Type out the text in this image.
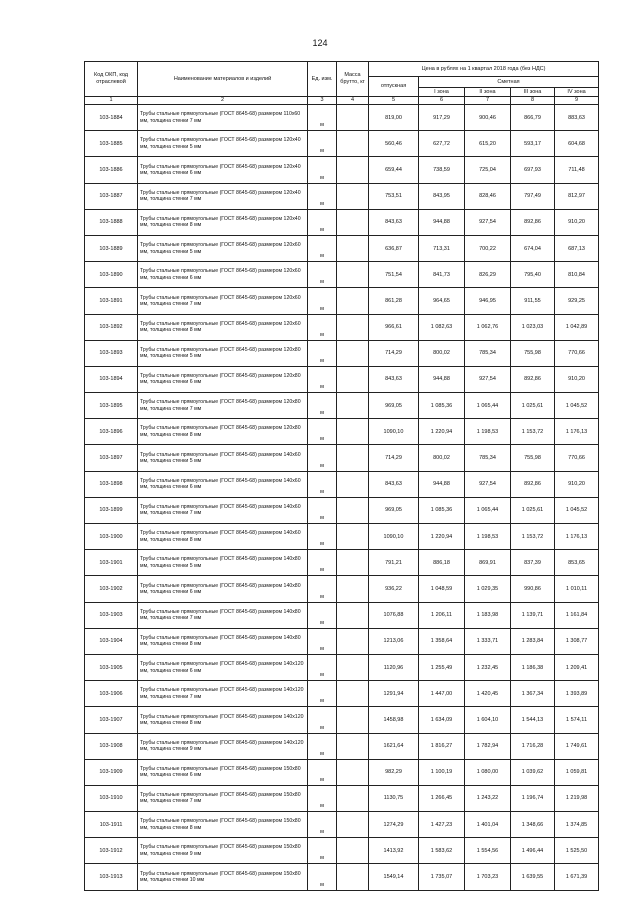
124
Код ОКП, код отраслевой	Наименование материалов и изделий	Ед. изм.	Масса брутто, кг	Цена в рублях на 1 квартал 2018 года (без НДС)				
				отпускная	Сметная			
					I зона	II зона	III зона	IV зона
1	2	3	4	5	6	7	8	9
103-1884	Трубы стальные прямоугольные (ГОСТ 8645-68) размером 110x60 мм, толщина стенки 7 мм	м		819,00	917,29	900,46	866,79	883,63
103-1885	Трубы стальные прямоугольные (ГОСТ 8645-68) размером 120x40 мм, толщина стенки 5 мм	м		560,46	627,72	615,20	593,17	604,68
103-1886	Трубы стальные прямоугольные (ГОСТ 8645-68) размером 120x40 мм, толщина стенки 6 мм	м		659,44	738,59	725,04	697,93	711,48
103-1887	Трубы стальные прямоугольные (ГОСТ 8645-68) размером 120x40 мм, толщина стенки 7 мм	м		753,51	843,95	828,46	797,49	812,97
103-1888	Трубы стальные прямоугольные (ГОСТ 8645-68) размером 120x40 мм, толщина стенки 8 мм	м		843,63	944,88	927,54	892,86	910,20
103-1889	Трубы стальные прямоугольные (ГОСТ 8645-68) размером 120x60 мм, толщина стенки 5 мм	м		636,87	713,31	700,22	674,04	687,13
103-1890	Трубы стальные прямоугольные (ГОСТ 8645-68) размером 120x60 мм, толщина стенки 6 мм	м		751,54	841,73	826,29	795,40	810,84
103-1891	Трубы стальные прямоугольные (ГОСТ 8645-68) размером 120x60 мм, толщина стенки 7 мм	м		861,28	964,65	946,95	911,55	929,25
103-1892	Трубы стальные прямоугольные (ГОСТ 8645-68) размером 120x60 мм, толщина стенки 8 мм	м		966,61	1 082,63	1 062,76	1 023,03	1 042,89
103-1893	Трубы стальные прямоугольные (ГОСТ 8645-68) размером 120x80 мм, толщина стенки 5 мм	м		714,29	800,02	785,34	755,98	770,66
103-1894	Трубы стальные прямоугольные (ГОСТ 8645-68) размером 120x80 мм, толщина стенки 6 мм	м		843,63	944,88	927,54	892,86	910,20
103-1895	Трубы стальные прямоугольные (ГОСТ 8645-68) размером 120x80 мм, толщина стенки 7 мм	м		969,05	1 085,36	1 065,44	1 025,61	1 045,52
103-1896	Трубы стальные прямоугольные (ГОСТ 8645-68) размером 120x80 мм, толщина стенки 8 мм	м		1090,10	1 220,94	1 198,53	1 153,72	1 176,13
103-1897	Трубы стальные прямоугольные (ГОСТ 8645-68) размером 140x60 мм, толщина стенки 5 мм	м		714,29	800,02	785,34	755,98	770,66
103-1898	Трубы стальные прямоугольные (ГОСТ 8645-68) размером 140x60 мм, толщина стенки 6 мм	м		843,63	944,88	927,54	892,86	910,20
103-1899	Трубы стальные прямоугольные (ГОСТ 8645-68) размером 140x60 мм, толщина стенки 7 мм	м		969,05	1 085,36	1 065,44	1 025,61	1 045,52
103-1900	Трубы стальные прямоугольные (ГОСТ 8645-68) размером 140x60 мм, толщина стенки 8 мм	м		1090,10	1 220,94	1 198,53	1 153,72	1 176,13
103-1901	Трубы стальные прямоугольные (ГОСТ 8645-68) размером 140x80 мм, толщина стенки 5 мм	м		791,21	886,18	869,91	837,39	853,65
103-1902	Трубы стальные прямоугольные (ГОСТ 8645-68) размером 140x80 мм, толщина стенки 6 мм	м		936,22	1 048,59	1 029,35	990,86	1 010,11
103-1903	Трубы стальные прямоугольные (ГОСТ 8645-68) размером 140x80 мм, толщина стенки 7 мм	м		1076,88	1 206,11	1 183,98	1 139,71	1 161,84
103-1904	Трубы стальные прямоугольные (ГОСТ 8645-68) размером 140x80 мм, толщина стенки 8 мм	м		1213,06	1 358,64	1 333,71	1 283,84	1 308,77
103-1905	Трубы стальные прямоугольные (ГОСТ 8645-68) размером 140x120 мм, толщина стенки 6 мм	м		1120,96	1 255,49	1 232,45	1 186,38	1 209,41
103-1906	Трубы стальные прямоугольные (ГОСТ 8645-68) размером 140x120 мм, толщина стенки 7 мм	м		1291,94	1 447,00	1 420,45	1 367,34	1 393,89
103-1907	Трубы стальные прямоугольные (ГОСТ 8645-68) размером 140x120 мм, толщина стенки 8 мм	м		1458,98	1 634,09	1 604,10	1 544,13	1 574,11
103-1908	Трубы стальные прямоугольные (ГОСТ 8645-68) размером 140x120 мм, толщина стенки 9 мм	м		1621,64	1 816,27	1 782,94	1 716,28	1 749,61
103-1909	Трубы стальные прямоугольные (ГОСТ 8645-68) размером 150x80 мм, толщина стенки 6 мм	м		982,29	1 100,19	1 080,00	1 039,62	1 059,81
103-1910	Трубы стальные прямоугольные (ГОСТ 8645-68) размером 150x80 мм, толщина стенки 7 мм	м		1130,75	1 266,45	1 243,22	1 196,74	1 219,98
103-1911	Трубы стальные прямоугольные (ГОСТ 8645-68) размером 150x80 мм, толщина стенки 8 мм	м		1274,29	1 427,23	1 401,04	1 348,66	1 374,85
103-1912	Трубы стальные прямоугольные (ГОСТ 8645-68) размером 150x80 мм, толщина стенки 9 мм	м		1413,92	1 583,62	1 554,56	1 496,44	1 525,50
103-1913	Трубы стальные прямоугольные (ГОСТ 8645-68) размером 150x80 мм, толщина стенки 10 мм	м		1549,14	1 735,07	1 703,23	1 639,55	1 671,39
